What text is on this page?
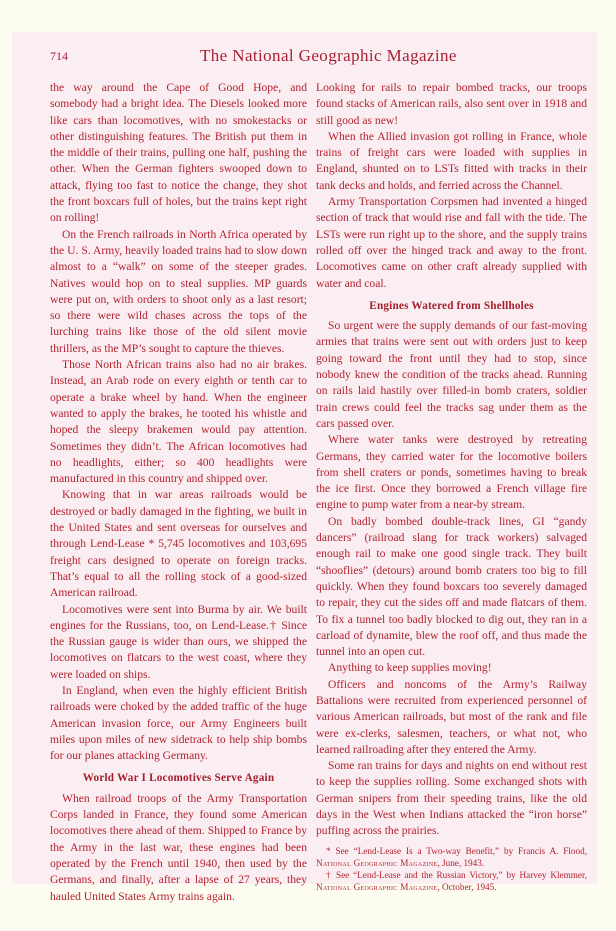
714	The National Geographic Magazine

the way around the Cape of Good Hope, and somebody had a bright idea. The Diesels looked more like cars than locomotives, with no smokestacks or other distinguishing features. The British put them in the middle of their trains, pulling one half, pushing the other. When the German fighters swooped down to attack, flying too fast to notice the change, they shot the front boxcars full of holes, but the trains kept right on rolling!

On the French railroads in North Africa operated by the U. S. Army, heavily loaded trains had to slow down almost to a “walk” on some of the steeper grades. Natives would hop on to steal supplies. MP guards were put on, with orders to shoot only as a last resort; so there were wild chases across the tops of the lurching trains like those of the old silent movie thrillers, as the MP’s sought to capture the thieves.

Those North African trains also had no air brakes. Instead, an Arab rode on every eighth or tenth car to operate a brake wheel by hand. When the engineer wanted to apply the brakes, he tooted his whistle and hoped the sleepy brakemen would pay attention. Sometimes they didn’t. The African locomotives had no headlights, either; so 400 headlights were manufactured in this country and shipped over.

Knowing that in war areas railroads would be destroyed or badly damaged in the fighting, we built in the United States and sent overseas for ourselves and through Lend-Lease * 5,745 locomotives and 103,695 freight cars designed to operate on foreign tracks. That’s equal to all the rolling stock of a good-sized American railroad.

Locomotives were sent into Burma by air. We built engines for the Russians, too, on Lend-Lease.† Since the Russian gauge is wider than ours, we shipped the locomotives on flatcars to the west coast, where they were loaded on ships.

In England, when even the highly efficient British railroads were choked by the added traffic of the huge American invasion force, our Army Engineers built miles upon miles of new sidetrack to help ship bombs for our planes attacking Germany.

World War I Locomotives Serve Again

When railroad troops of the Army Transportation Corps landed in France, they found some American locomotives there ahead of them. Shipped to France by the Army in the last war, these engines had been operated by the French until 1940, then used by the Germans, and finally, after a lapse of 27 years, they hauled United States Army trains again.

Looking for rails to repair bombed tracks, our troops found stacks of American rails, also sent over in 1918 and still good as new!

When the Allied invasion got rolling in France, whole trains of freight cars were loaded with supplies in England, shunted on to LSTs fitted with tracks in their tank decks and holds, and ferried across the Channel.

Army Transportation Corpsmen had invented a hinged section of track that would rise and fall with the tide. The LSTs were run right up to the shore, and the supply trains rolled off over the hinged track and away to the front. Locomotives came on other craft already supplied with water and coal.

Engines Watered from Shellholes

So urgent were the supply demands of our fast-moving armies that trains were sent out with orders just to keep going toward the front until they had to stop, since nobody knew the condition of the tracks ahead. Running on rails laid hastily over filled-in bomb craters, soldier train crews could feel the tracks sag under them as the cars passed over.

Where water tanks were destroyed by retreating Germans, they carried water for the locomotive boilers from shell craters or ponds, sometimes having to break the ice first. Once they borrowed a French village fire engine to pump water from a near-by stream.

On badly bombed double-track lines, GI “gandy dancers” (railroad slang for track workers) salvaged enough rail to make one good single track. They built “shooflies” (detours) around bomb craters too big to fill quickly. When they found boxcars too severely damaged to repair, they cut the sides off and made flatcars of them. To fix a tunnel too badly blocked to dig out, they ran in a carload of dynamite, blew the roof off, and thus made the tunnel into an open cut.

Anything to keep supplies moving!

Officers and noncoms of the Army’s Railway Battalions were recruited from experienced personnel of various American railroads, but most of the rank and file were ex-clerks, salesmen, teachers, or what not, who learned railroading after they entered the Army.

Some ran trains for days and nights on end without rest to keep the supplies rolling. Some exchanged shots with German snipers from their speeding trains, like the old days in the West when Indians attacked the “iron horse” puffing across the prairies.

* See “Lend-Lease Is a Two-way Benefit,” by Francis A. Flood, National Geographic Magazine, June, 1943.

† See “Lend-Lease and the Russian Victory,” by Harvey Klemmer, National Geographic Magazine, October, 1945.
